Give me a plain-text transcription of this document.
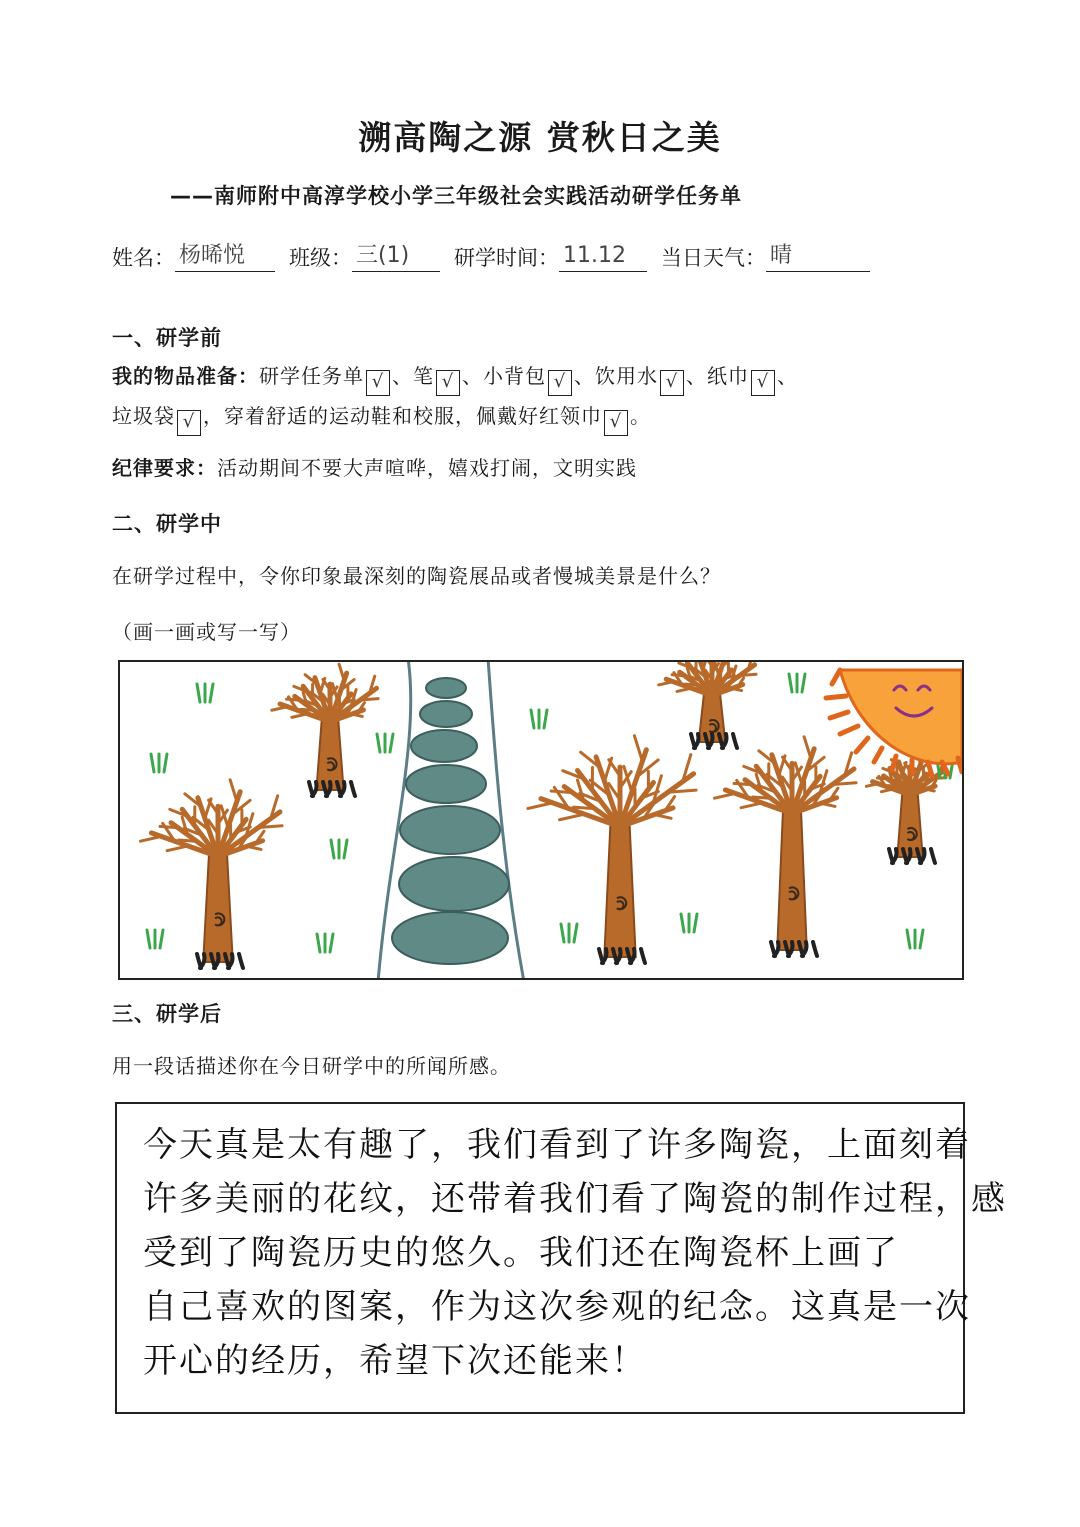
溯高陶之源 赏秋日之美
——南师附中高淳学校小学三年级社会实践活动研学任务单
姓名： 杨晞悦	班级： 三(1)	研学时间： 11.12	当日天气： 晴
一、研学前
我的物品准备：研学任务单 √ 、笔 √ 、小背包 √ 、饮用水 √ 、纸巾 √ 、
垃圾袋 √ ，穿着舒适的运动鞋和校服，佩戴好红领巾 √ 。
纪律要求：活动期间不要大声喧哗，嬉戏打闹，文明实践
二、研学中
在研学过程中，令你印象最深刻的陶瓷展品或者慢城美景是什么？
（画一画或写一写）
三、研学后
用一段话描述你在今日研学中的所闻所感。
今天真是太有趣了，我们看到了许多陶瓷，上面刻着
许多美丽的花纹，还带着我们看了陶瓷的制作过程，感
受到了陶瓷历史的悠久。我们还在陶瓷杯上画了
自己喜欢的图案，作为这次参观的纪念。这真是一次
开心的经历，希望下次还能来！
